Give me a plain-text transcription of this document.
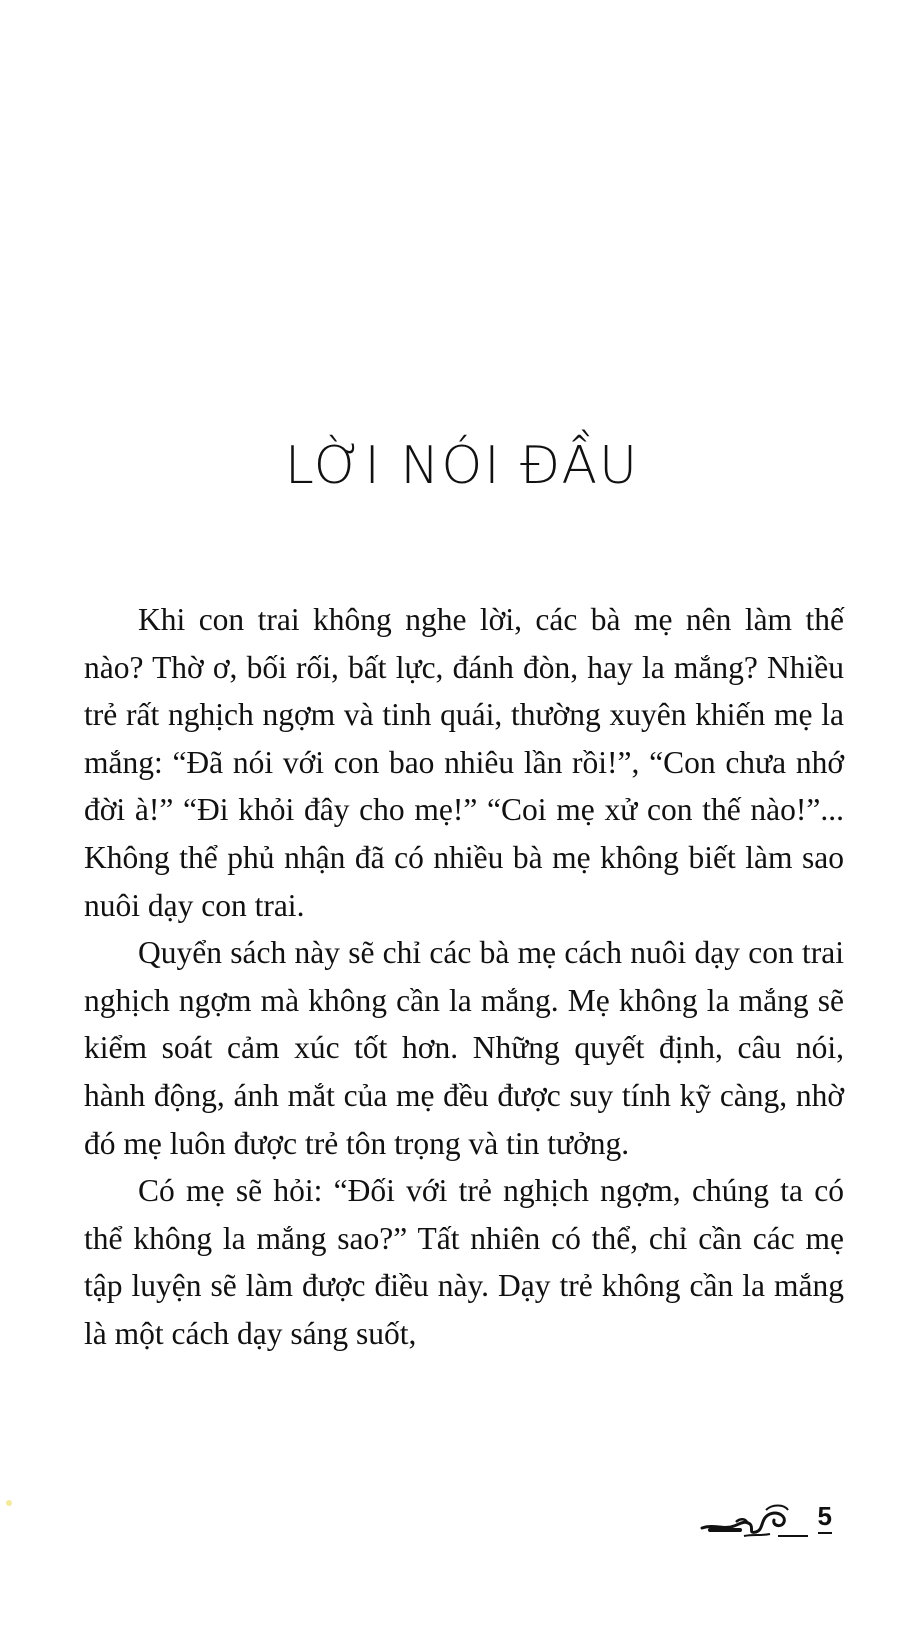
LỜI NÓI ĐẦU

Khi con trai không nghe lời, các bà mẹ nên làm thế nào? Thờ ơ, bối rối, bất lực, đánh đòn, hay la mắng? Nhiều trẻ rất nghịch ngợm và tinh quái, thường xuyên khiến mẹ la mắng: “Đã nói với con bao nhiêu lần rồi!”, “Con chưa nhớ đời à!” “Đi khỏi đây cho mẹ!” “Coi mẹ xử con thế nào!”... Không thể phủ nhận đã có nhiều bà mẹ không biết làm sao nuôi dạy con trai.

Quyển sách này sẽ chỉ các bà mẹ cách nuôi dạy con trai nghịch ngợm mà không cần la mắng. Mẹ không la mắng sẽ kiểm soát cảm xúc tốt hơn. Những quyết định, câu nói, hành động, ánh mắt của mẹ đều được suy tính kỹ càng, nhờ đó mẹ luôn được trẻ tôn trọng và tin tưởng.

Có mẹ sẽ hỏi: “Đối với trẻ nghịch ngợm, chúng ta có thể không la mắng sao?” Tất nhiên có thể, chỉ cần các mẹ tập luyện sẽ làm được điều này. Dạy trẻ không cần la mắng là một cách dạy sáng suốt,

5
